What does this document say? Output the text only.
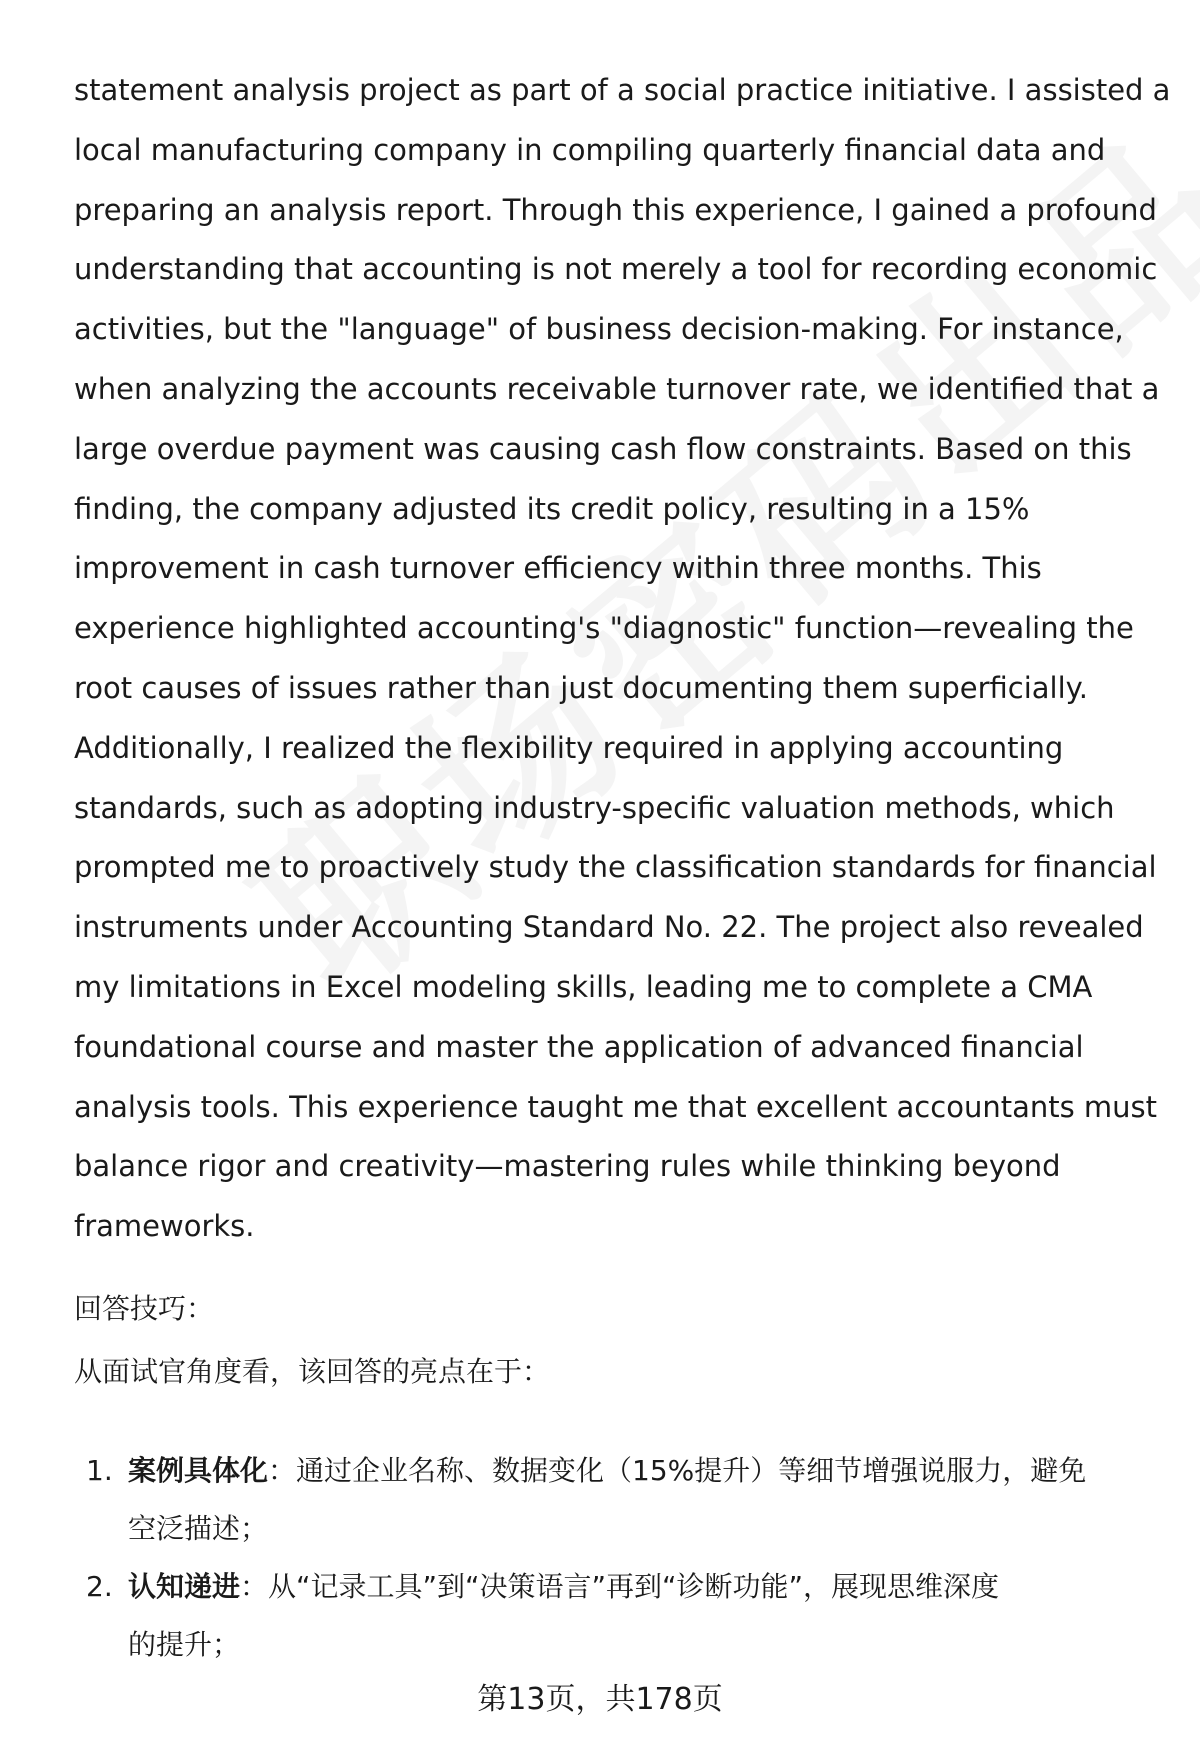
statement analysis project as part of a social practice initiative. I assisted a
local manufacturing company in compiling quarterly financial data and
preparing an analysis report. Through this experience, I gained a profound
understanding that accounting is not merely a tool for recording economic
activities, but the "language" of business decision-making. For instance,
when analyzing the accounts receivable turnover rate, we identified that a
large overdue payment was causing cash flow constraints. Based on this
finding, the company adjusted its credit policy, resulting in a 15%
improvement in cash turnover efficiency within three months. This
experience highlighted accounting's "diagnostic" function—revealing the
root causes of issues rather than just documenting them superficially.
Additionally, I realized the flexibility required in applying accounting
standards, such as adopting industry-specific valuation methods, which
prompted me to proactively study the classification standards for financial
instruments under Accounting Standard No. 22. The project also revealed
my limitations in Excel modeling skills, leading me to complete a CMA
foundational course and master the application of advanced financial
analysis tools. This experience taught me that excellent accountants must
balance rigor and creativity—mastering rules while thinking beyond
frameworks.
回答技巧：
从面试官角度看，该回答的亮点在于：
1. 案例具体化：通过企业名称、数据变化（15%提升）等细节增强说服力，避免
空泛描述；
2. 认知递进：从“记录工具”到“决策语言”再到“诊断功能”，展现思维深度
的提升；
第13页，共178页
